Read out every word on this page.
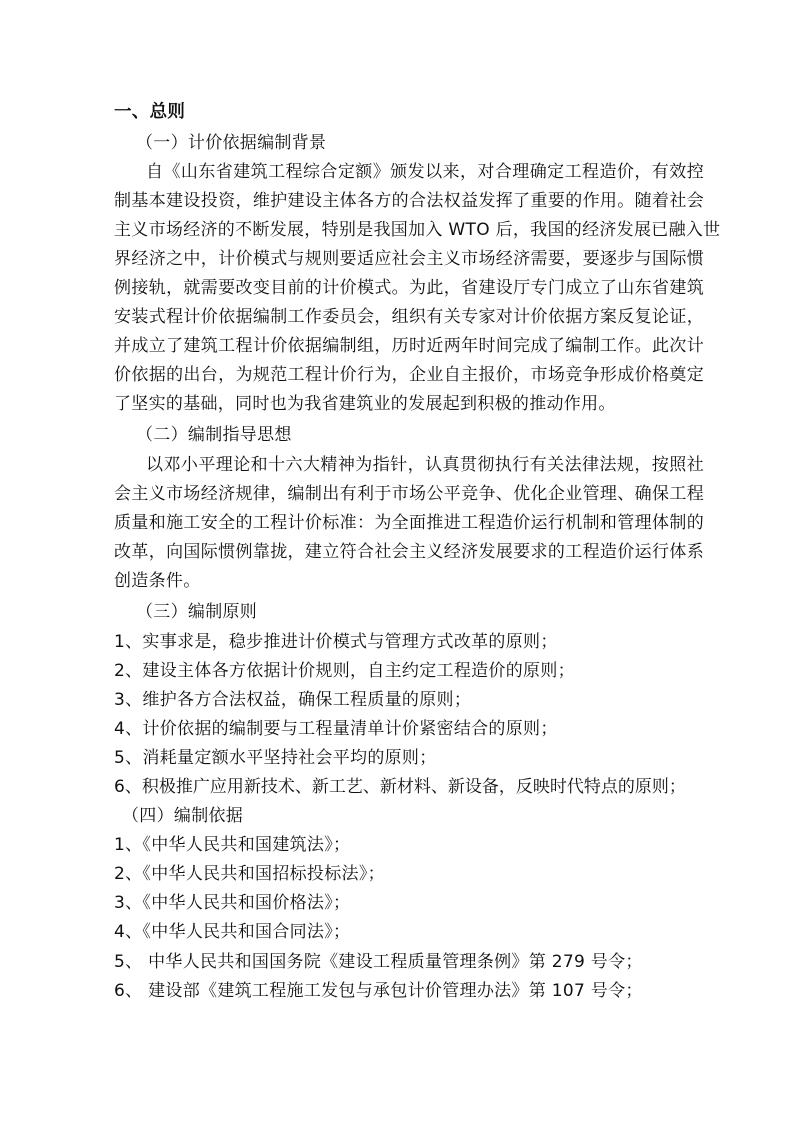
一、总则
（一）计价依据编制背景
自《山东省建筑工程综合定额》颁发以来，对合理确定工程造价，有效控
制基本建设投资，维护建设主体各方的合法权益发挥了重要的作用。随着社会
主义市场经济的不断发展，特别是我国加入 WTO 后，我国的经济发展已融入世
界经济之中，计价模式与规则要适应社会主义市场经济需要，要逐步与国际惯
例接轨，就需要改变目前的计价模式。为此，省建设厅专门成立了山东省建筑
安装式程计价依据编制工作委员会，组织有关专家对计价依据方案反复论证，
并成立了建筑工程计价依据编制组，历时近两年时间完成了编制工作。此次计
价依据的出台，为规范工程计价行为，企业自主报价，市场竞争形成价格奠定
了坚实的基础，同时也为我省建筑业的发展起到积极的推动作用。
（二）编制指导思想
以邓小平理论和十六大精神为指针，认真贯彻执行有关法律法规，按照社
会主义市场经济规律，编制出有利于市场公平竞争、优化企业管理、确保工程
质量和施工安全的工程计价标准：为全面推进工程造价运行机制和管理体制的
改革，向国际惯例靠拢，建立符合社会主义经济发展要求的工程造价运行体系
创造条件。
（三）编制原则
1、实事求是，稳步推进计价模式与管理方式改革的原则；
2、建设主体各方依据计价规则，自主约定工程造价的原则；
3、维护各方合法权益，确保工程质量的原则；
4、计价依据的编制要与工程量清单计价紧密结合的原则；
5、消耗量定额水平坚持社会平均的原则；
6、积极推广应用新技术、新工艺、新材料、新设备，反映时代特点的原则；
（四）编制依据
1、《中华人民共和国建筑法》；
2、《中华人民共和国招标投标法》；
3、《中华人民共和国价格法》；
4、《中华人民共和国合同法》；
5、 中华人民共和国国务院《建设工程质量管理条例》第 279 号令；
6、 建设部《建筑工程施工发包与承包计价管理办法》第 107 号令；
